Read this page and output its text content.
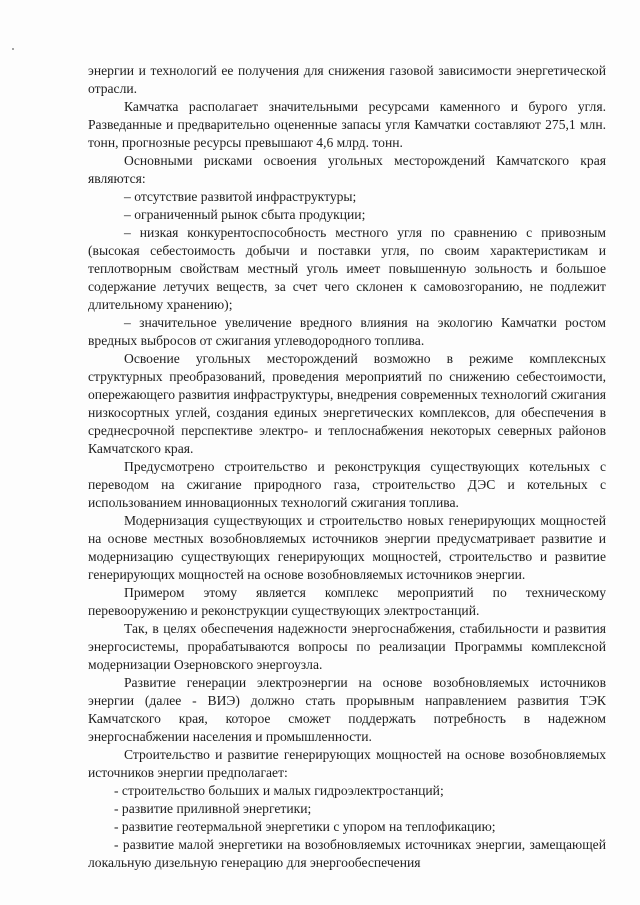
энергии и технологий ее получения для снижения газовой зависимости энергетической отрасли.

Камчатка располагает значительными ресурсами каменного и бурого угля. Разведанные и предварительно оцененные запасы угля Камчатки составляют 275,1 млн. тонн, прогнозные ресурсы превышают 4,6 млрд. тонн.

Основными рисками освоения угольных месторождений Камчатского края являются:

– отсутствие развитой инфраструктуры;

– ограниченный рынок сбыта продукции;

– низкая конкурентоспособность местного угля по сравнению с привозным (высокая себестоимость добычи и поставки угля, по своим характеристикам и теплотворным свойствам местный уголь имеет повышенную зольность и большое содержание летучих веществ, за счет чего склонен к самовозгоранию, не подлежит длительному хранению);

– значительное увеличение вредного влияния на экологию Камчатки ростом вредных выбросов от сжигания углеводородного топлива.

Освоение угольных месторождений возможно в режиме комплексных структурных преобразований, проведения мероприятий по снижению себестоимости, опережающего развития инфраструктуры, внедрения современных технологий сжигания низкосортных углей, создания единых энергетических комплексов, для обеспечения в среднесрочной перспективе электро- и теплоснабжения некоторых северных районов Камчатского края.

Предусмотрено строительство и реконструкция существующих котельных с переводом на сжигание природного газа, строительство ДЭС и котельных с использованием инновационных технологий сжигания топлива.

Модернизация существующих и строительство новых генерирующих мощностей на основе местных возобновляемых источников энергии предусматривает развитие и модернизацию существующих генерирующих мощностей, строительство и развитие генерирующих мощностей на основе возобновляемых источников энергии.

Примером этому является комплекс мероприятий по техническому перевооружению и реконструкции существующих электростанций.

Так, в целях обеспечения надежности энергоснабжения, стабильности и развития энергосистемы, прорабатываются вопросы по реализации Программы комплексной модернизации Озерновского энергоузла.

Развитие генерации электроэнергии на основе возобновляемых источников энергии (далее - ВИЭ) должно стать прорывным направлением развития ТЭК Камчатского края, которое сможет поддержать потребность в надежном энергоснабжении населения и промышленности.

Строительство и развитие генерирующих мощностей на основе возобновляемых источников энергии предполагает:

- строительство больших и малых гидроэлектростанций;

- развитие приливной энергетики;

- развитие геотермальной энергетики с упором на теплофикацию;

- развитие малой энергетики на возобновляемых источниках энергии, замещающей локальную дизельную генерацию для энергообеспечения
